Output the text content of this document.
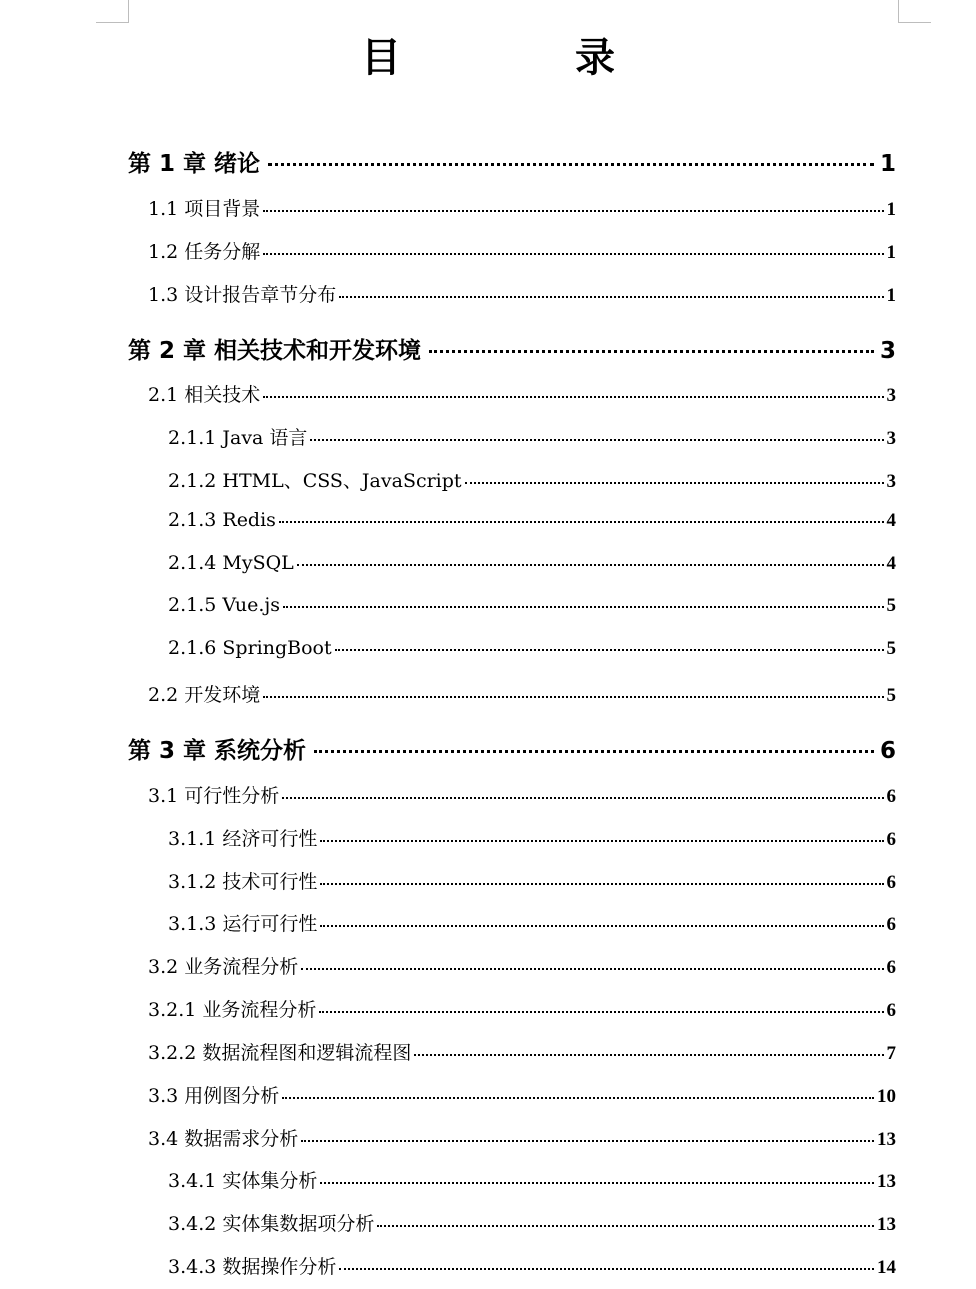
目 录
第 1 章 绪论	1
1.1 项目背景	1
1.2 任务分解	1
1.3 设计报告章节分布	1
第 2 章 相关技术和开发环境	3
2.1 相关技术	3
2.1.1 Java 语言	3
2.1.2 HTML、CSS、JavaScript	3
2.1.3 Redis	4
2.1.4 MySQL	4
2.1.5 Vue.js	5
2.1.6 SpringBoot	5
2.2 开发环境	5
第 3 章 系统分析	6
3.1 可行性分析	6
3.1.1 经济可行性	6
3.1.2 技术可行性	6
3.1.3 运行可行性	6
3.2 业务流程分析	6
3.2.1 业务流程分析	6
3.2.2 数据流程图和逻辑流程图	7
3.3 用例图分析	10
3.4 数据需求分析	13
3.4.1 实体集分析	13
3.4.2 实体集数据项分析	13
3.4.3 数据操作分析	14
